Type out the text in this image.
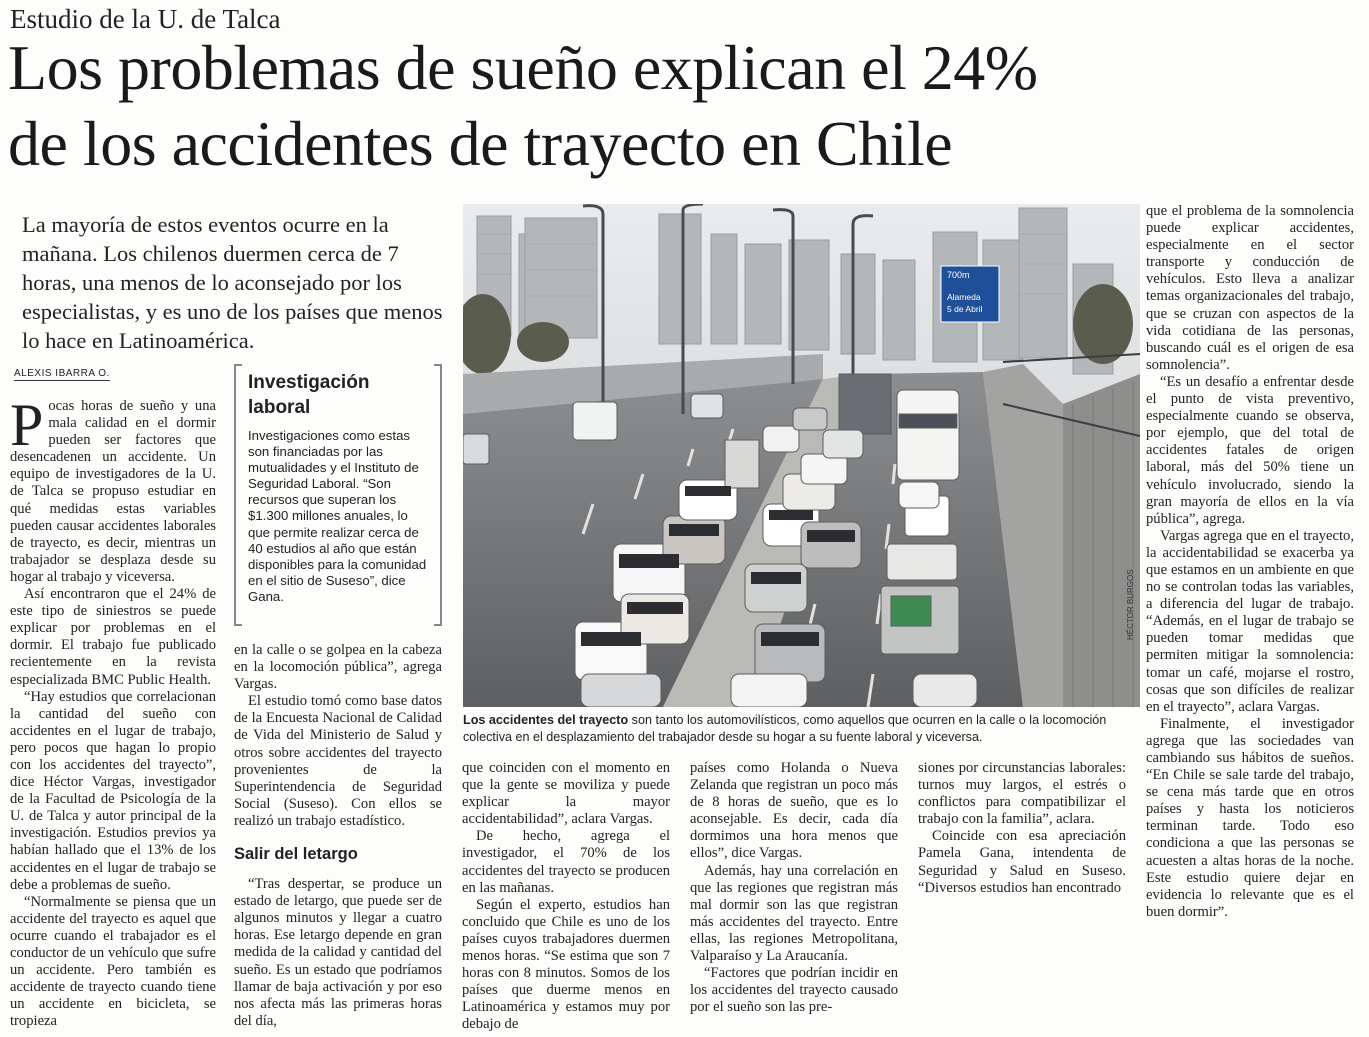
Estudio de la U. de Talca
Los problemas de sueño explican el 24%
de los accidentes de trayecto en Chile
La mayoría de estos eventos ocurre en la mañana. Los chilenos duermen cerca de 7 horas, una menos de lo aconsejado por los especialistas, y es uno de los países que menos lo hace en Latinoamérica.
ALEXIS IBARRA O.

Pocas horas de sueño y una mala calidad en el dormir pueden ser factores que desencadenen un accidente. Un equipo de investigadores de la U. de Talca se propuso estudiar en qué medidas estas variables pueden causar accidentes laborales de trayecto, es decir, mientras un trabajador se desplaza desde su hogar al trabajo y viceversa.

Así encontraron que el 24% de este tipo de siniestros se puede explicar por problemas en el dormir. El trabajo fue publicado recientemente en la revista especializada BMC Public Health.

“Hay estudios que correlacionan la cantidad del sueño con accidentes en el lugar de trabajo, pero pocos que hagan lo propio con los accidentes del trayecto”, dice Héctor Vargas, investigador de la Facultad de Psicología de la U. de Talca y autor principal de la investigación. Estudios previos ya habían hallado que el 13% de los accidentes en el lugar de trabajo se debe a problemas de sueño.

“Normalmente se piensa que un accidente del trayecto es aquel que ocurre cuando el trabajador es el conductor de un vehículo que sufre un accidente. Pero también es accidente de trayecto cuando tiene un accidente en bicicleta, se tropieza

Investigación laboral
Investigaciones como estas son financiadas por las mutualidades y el Instituto de Seguridad Laboral. “Son recursos que superan los $1.300 millones anuales, lo que permite realizar cerca de 40 estudios al año que están disponibles para la comunidad en el sitio de Suseso”, dice Gana.

en la calle o se golpea en la cabeza en la locomoción pública”, agrega Vargas.

El estudio tomó como base datos de la Encuesta Nacional de Calidad de Vida del Ministerio de Salud y otros sobre accidentes del trayecto provenientes de la Superintendencia de Seguridad Social (Suseso). Con ellos se realizó un trabajo estadístico.

Salir del letargo

“Tras despertar, se produce un estado de letargo, que puede ser de algunos minutos y llegar a cuatro horas. Ese letargo depende en gran medida de la calidad y cantidad del sueño. Es un estado que podríamos llamar de baja activación y por eso nos afecta más las primeras horas del día,

700m
Alameda
5 de Abril
HÉCTOR BURGOS
Los accidentes del trayecto son tanto los automovilísticos, como aquellos que ocurren en la calle o la locomoción colectiva en el desplazamiento del trabajador desde su hogar a su fuente laboral y viceversa.

que coinciden con el momento en que la gente se moviliza y puede explicar la mayor accidentabilidad”, aclara Vargas.

De hecho, agrega el investigador, el 70% de los accidentes del trayecto se producen en las mañanas.

Según el experto, estudios han concluido que Chile es uno de los países cuyos trabajadores duermen menos horas. “Se estima que son 7 horas con 8 minutos. Somos de los países que duerme menos en Latinoamérica y estamos muy por debajo de

países como Holanda o Nueva Zelanda que registran un poco más de 8 horas de sueño, que es lo aconsejable. Es decir, cada día dormimos una hora menos que ellos”, dice Vargas.

Además, hay una correlación en que las regiones que registran más mal dormir son las que registran más accidentes del trayecto. Entre ellas, las regiones Metropolitana, Valparaíso y La Araucanía.

“Factores que podrían incidir en los accidentes del trayecto causado por el sueño son las pre-

siones por circunstancias laborales: turnos muy largos, el estrés o conflictos para compatibilizar el trabajo con la familia”, aclara.

Coincide con esa apreciación Pamela Gana, intendenta de Seguridad y Salud en Suseso. “Diversos estudios han encontrado

que el problema de la somnolencia puede explicar accidentes, especialmente en el sector transporte y conducción de vehículos. Esto lleva a analizar temas organizacionales del trabajo, que se cruzan con aspectos de la vida cotidiana de las personas, buscando cuál es el origen de esa somnolencia”.

“Es un desafío a enfrentar desde el punto de vista preventivo, especialmente cuando se observa, por ejemplo, que del total de accidentes fatales de origen laboral, más del 50% tiene un vehículo involucrado, siendo la gran mayoría de ellos en la vía pública”, agrega.

Vargas agrega que en el trayecto, la accidentabilidad se exacerba ya que estamos en un ambiente en que no se controlan todas las variables, a diferencia del lugar de trabajo. “Además, en el lugar de trabajo se pueden tomar medidas que permiten mitigar la somnolencia: tomar un café, mojarse el rostro, cosas que son difíciles de realizar en el trayecto”, aclara Vargas.

Finalmente, el investigador agrega que las sociedades van cambiando sus hábitos de sueños. “En Chile se sale tarde del trabajo, se cena más tarde que en otros países y hasta los noticieros terminan tarde. Todo eso condiciona a que las personas se acuesten a altas horas de la noche. Este estudio quiere dejar en evidencia lo relevante que es el buen dormir”.
